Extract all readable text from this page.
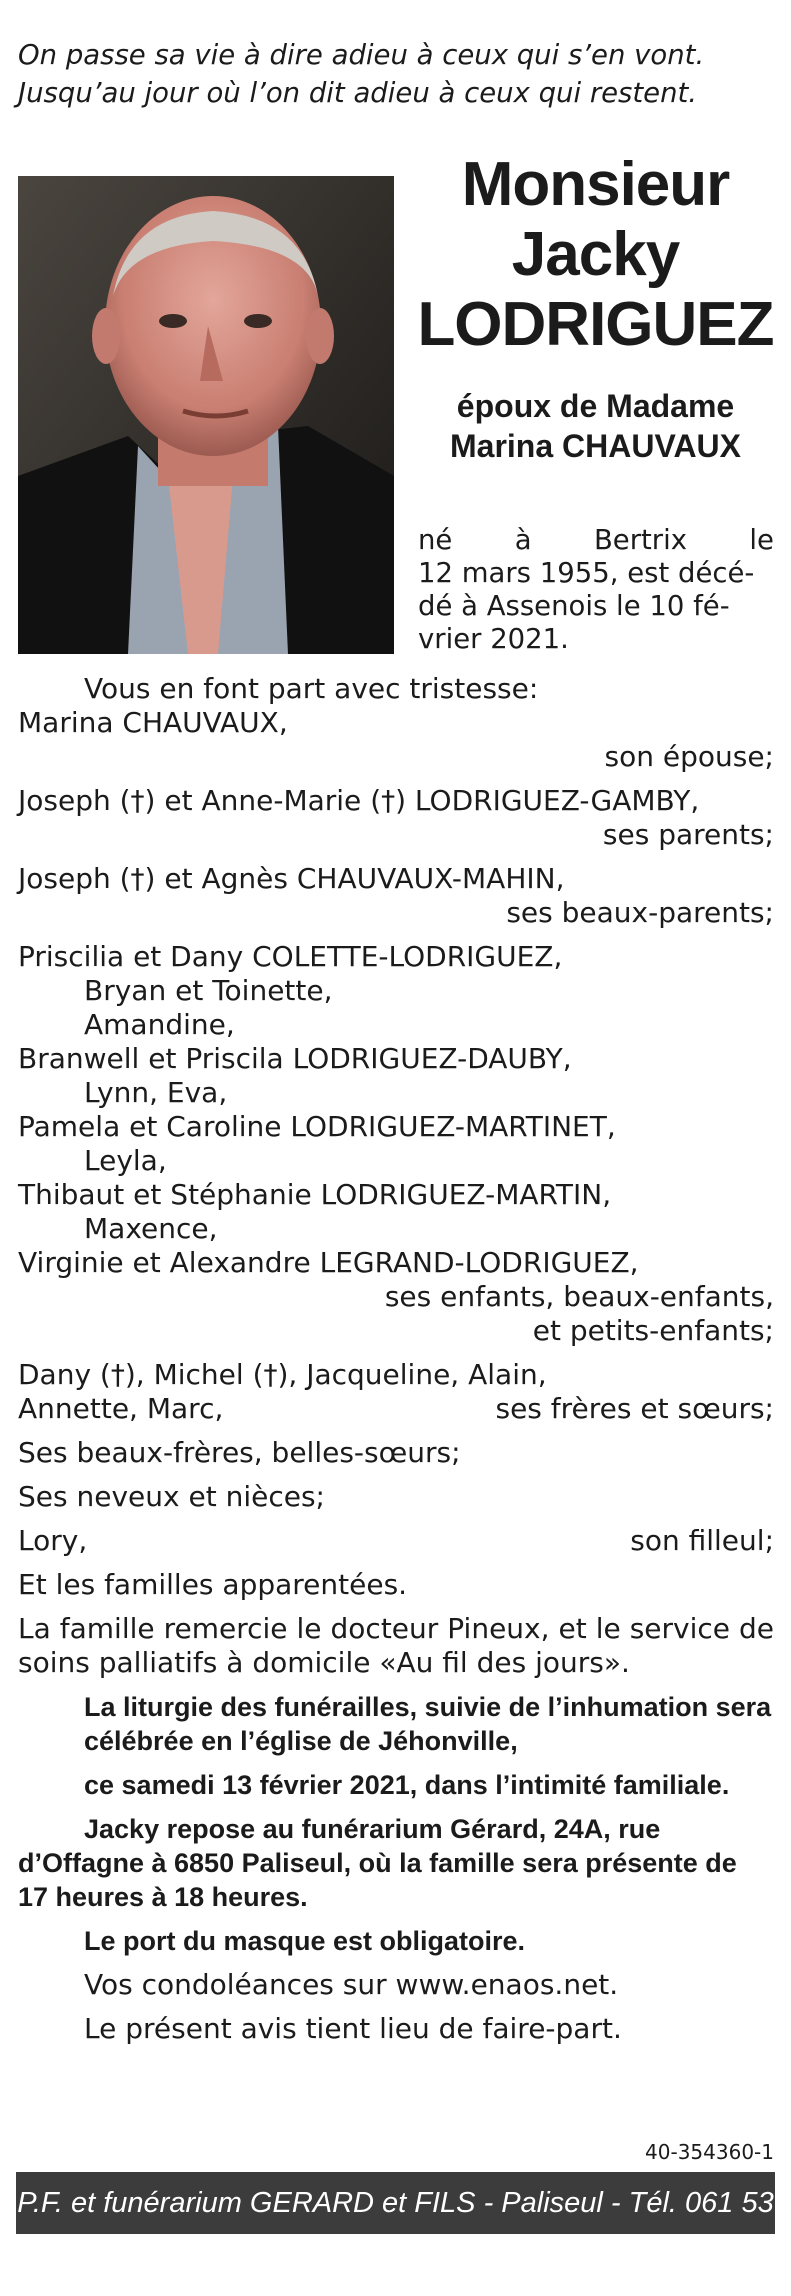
On passe sa vie à dire adieu à ceux qui s’en vont.
Jusqu’au jour où l’on dit adieu à ceux qui restent.
Monsieur
Jacky
LODRIGUEZ
époux de Madame
Marina CHAUVAUX
né à Bertrix le
12 mars 1955, est décé-
dé à Assenois le 10 fé-
vrier 2021.
Vous en font part avec tristesse:
Marina CHAUVAUX,
son épouse;
Joseph (†) et Anne-Marie (†) LODRIGUEZ-GAMBY,
ses parents;
Joseph (†) et Agnès CHAUVAUX-MAHIN,
ses beaux-parents;
Priscilia et Dany COLETTE-LODRIGUEZ,
Bryan et Toinette,
Amandine,
Branwell et Priscila LODRIGUEZ-DAUBY,
Lynn, Eva,
Pamela et Caroline LODRIGUEZ-MARTINET,
Leyla,
Thibaut et Stéphanie LODRIGUEZ-MARTIN,
Maxence,
Virginie et Alexandre LEGRAND-LODRIGUEZ,
ses enfants, beaux-enfants,
et petits-enfants;
Dany (†), Michel (†), Jacqueline, Alain,
Annette, Marc,	ses frères et sœurs;
Ses beaux-frères, belles-sœurs;
Ses neveux et nièces;
Lory,	son filleul;
Et les familles apparentées.
La famille remercie le docteur Pineux, et le service de soins palliatifs à domicile «Au fil des jours».
La liturgie des funérailles, suivie de l’inhumation sera célébrée en l’église de Jéhonville,
ce samedi 13 février 2021, dans l’intimité familiale.
Jacky repose au funérarium Gérard, 24A, rue d’Offagne à 6850 Paliseul, où la famille sera présente de 17 heures à 18 heures.
Le port du masque est obligatoire.
Vos condoléances sur www.enaos.net.
Le présent avis tient lieu de faire-part.
40-354360-1
P.F. et funérarium GERARD et FILS - Paliseul - Tél. 061 53 32 84
